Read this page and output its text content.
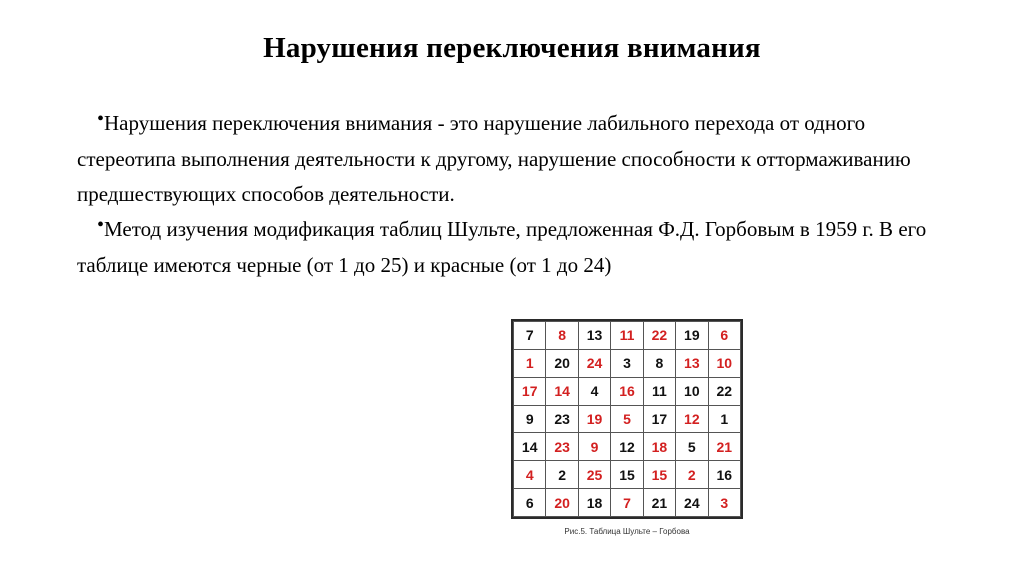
Нарушения переключения внимания

•Нарушения переключения внимания - это нарушение лабильного перехода от одного стереотипа выполнения деятельности к другому, нарушение способности к оттормаживанию предшествующих способов деятельности.

•Метод изучения модификация таблиц Шульте, предложенная Ф.Д. Горбовым в 1959 г. В его таблице имеются черные (от 1 до 25) и красные (от 1 до 24)

7	8	13	11	22	19	6
1	20	24	3	8	13	10
17	14	4	16	11	10	22
9	23	19	5	17	12	1
14	23	9	12	18	5	21
4	2	25	15	15	2	16
6	20	18	7	21	24	3
Рис.5. Таблица Шульте – Горбова
